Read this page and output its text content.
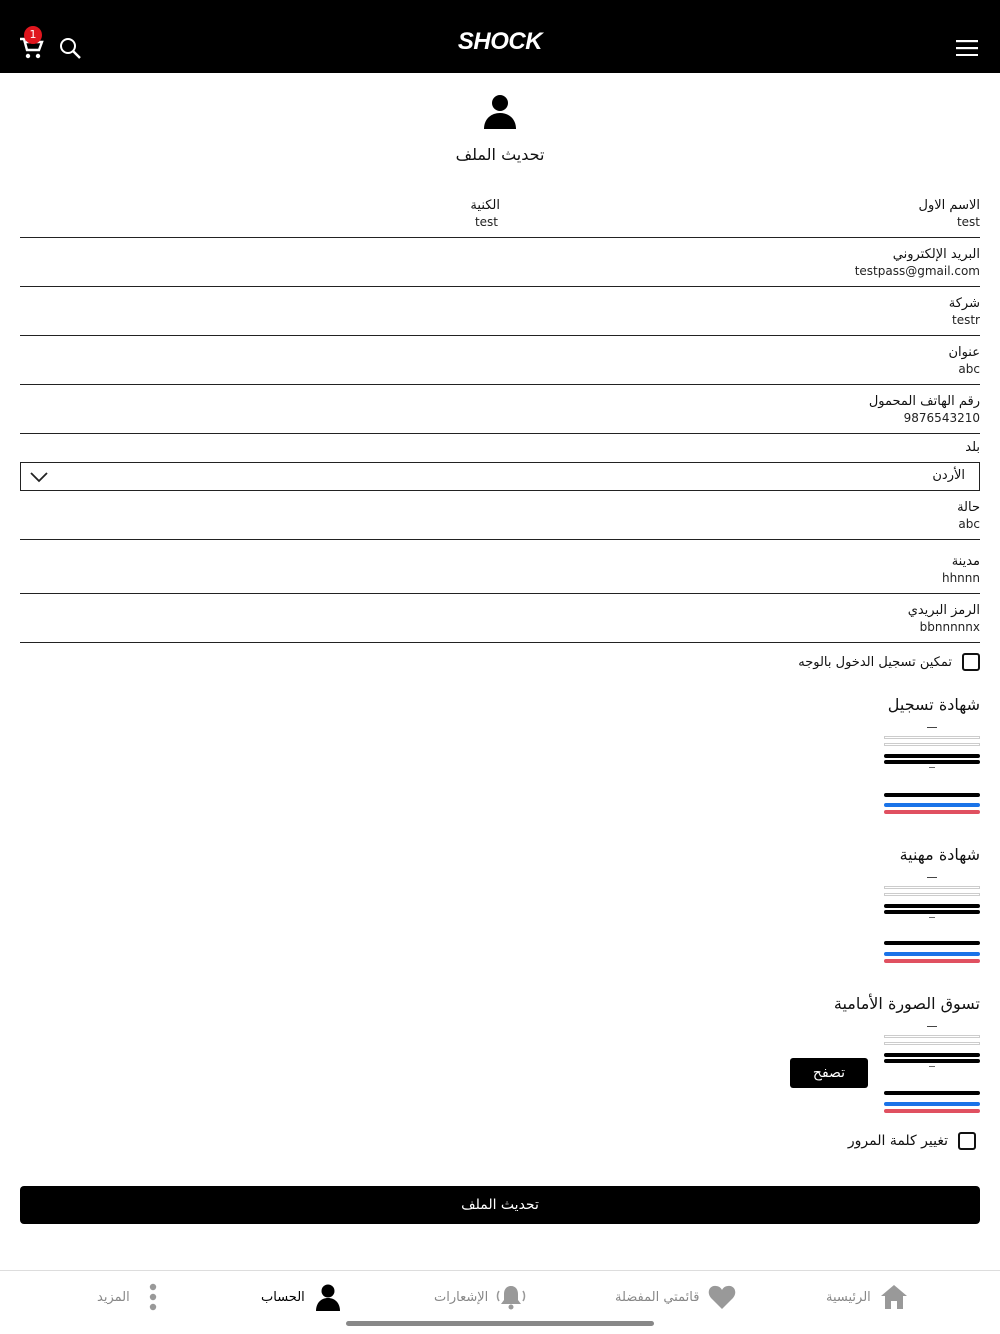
1	SHOCK
تحديث الملف
الاسم الاول
test
الكنية
test
البريد الإلكتروني
testpass@gmail.com
شركة
testr
عنوان
abc
رقم الهاتف المحمول
9876543210
بلد
الأردن
حالة
abc
مدينة
hhnnn
الرمز البريدي
bbnnnnnx
تمكين تسجيل الدخول بالوجه
شهادة تسجيل
شهادة مهنية
تسوق الصورة الأمامية
تصفح
تغيير كلمة المرور
تحديث الملف
الرئيسية
قائمتي المفضلة
الإشعارات
الحساب
المزيد
